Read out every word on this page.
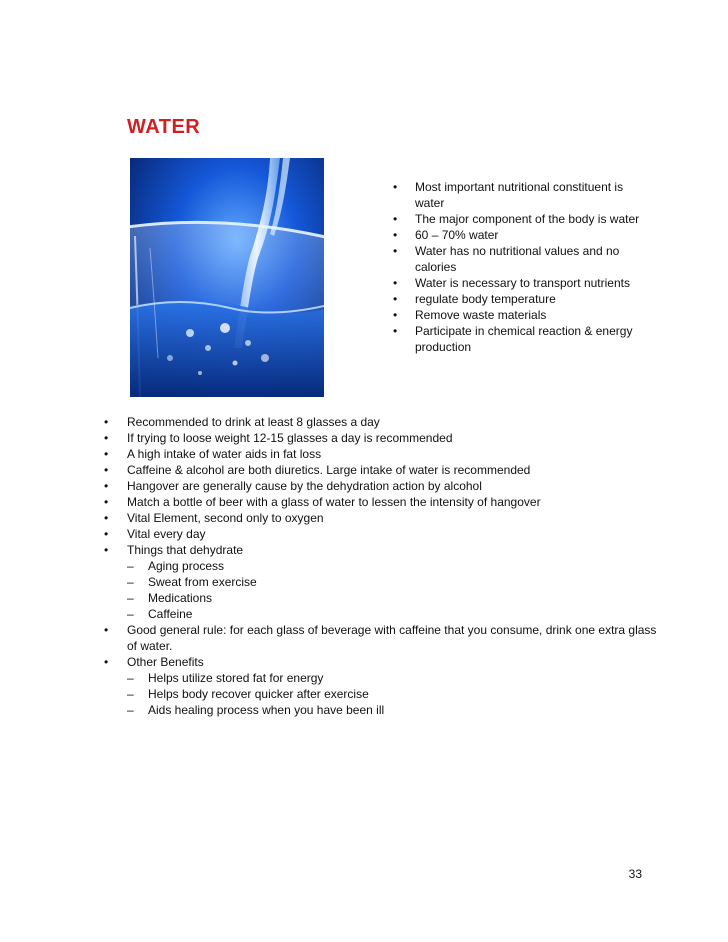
WATER
•	Most important nutritional constituent is water
•	The major component of the body is water
•	60 – 70% water
•	Water has no nutritional values and no calories
•	Water is necessary to transport nutrients
•	regulate body temperature
•	Remove waste materials
•	Participate in chemical reaction & energy production
•	Recommended to drink at least 8 glasses a day
•	If trying to loose weight 12-15 glasses a day is recommended
•	A high intake of water aids in fat loss
•	Caffeine & alcohol are both diuretics. Large intake of water is recommended
•	Hangover are generally cause by the dehydration action by alcohol
•	Match a bottle of beer with a glass of water to lessen the intensity of hangover
•	Vital Element, second only to oxygen
•	Vital every day
•	Things that dehydrate
– Aging process
– Sweat from exercise
– Medications
– Caffeine
•	Good general rule: for each glass of beverage with caffeine that you consume, drink one extra glass of water.
•	Other Benefits
– Helps utilize stored fat for energy
– Helps body recover quicker after exercise
– Aids healing process when you have been ill
33
